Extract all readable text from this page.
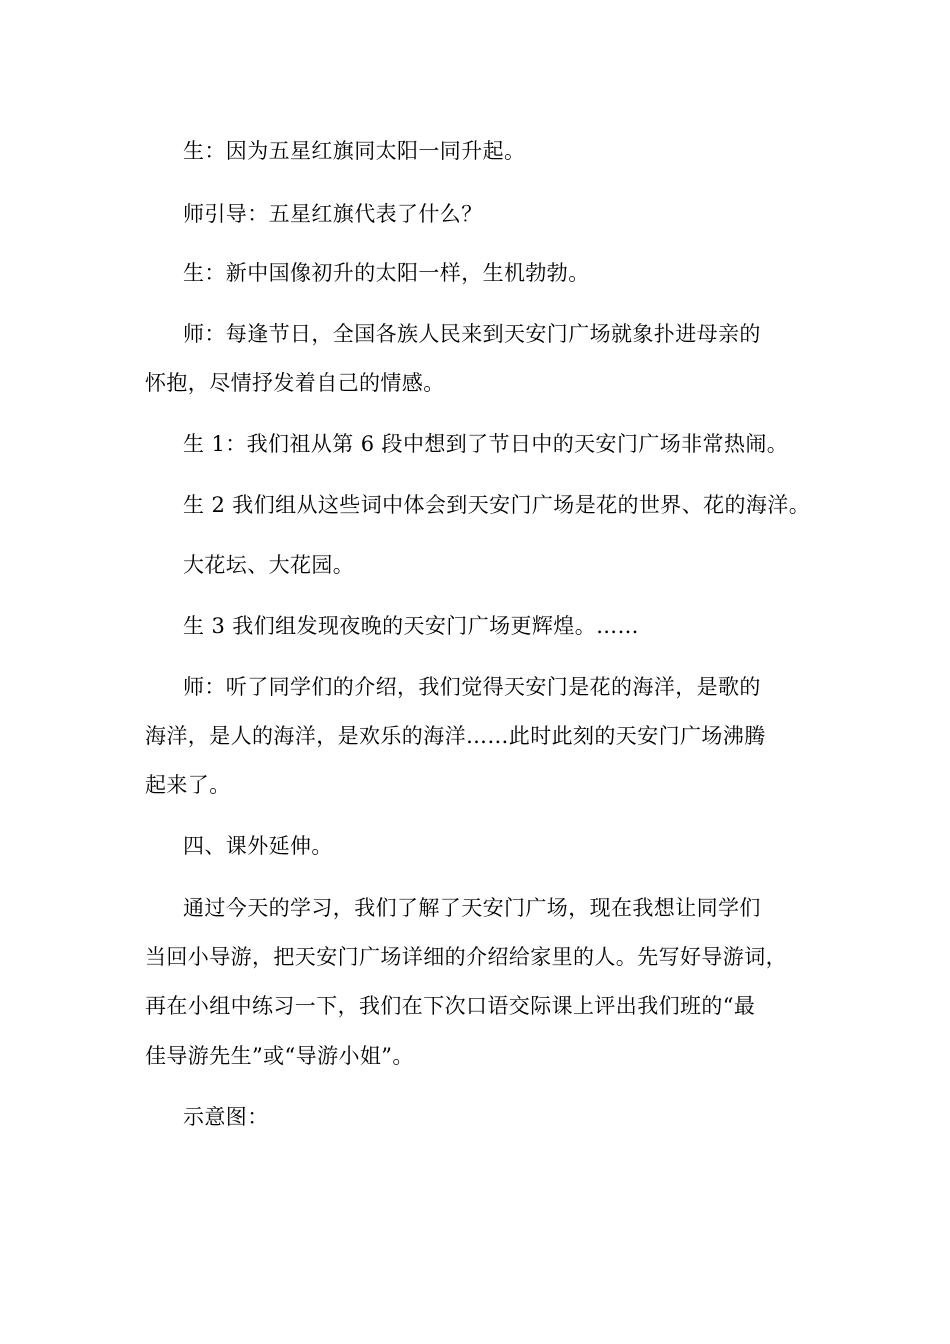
生：因为五星红旗同太阳一同升起。
师引导：五星红旗代表了什么？
生：新中国像初升的太阳一样，生机勃勃。
师：每逢节日，全国各族人民来到天安门广场就象扑进母亲的
怀抱，尽情抒发着自己的情感。
生 1：我们祖从第 6 段中想到了节日中的天安门广场非常热闹。
生 2 我们组从这些词中体会到天安门广场是花的世界、花的海洋。
大花坛、大花园。
生 3 我们组发现夜晚的天安门广场更辉煌。……
师：听了同学们的介绍，我们觉得天安门是花的海洋，是歌的
海洋，是人的海洋，是欢乐的海洋……此时此刻的天安门广场沸腾
起来了。
四、课外延伸。
通过今天的学习，我们了解了天安门广场，现在我想让同学们
当回小导游，把天安门广场详细的介绍给家里的人。先写好导游词，
再在小组中练习一下，我们在下次口语交际课上评出我们班的“最
佳导游先生”或“导游小姐”。
示意图：
